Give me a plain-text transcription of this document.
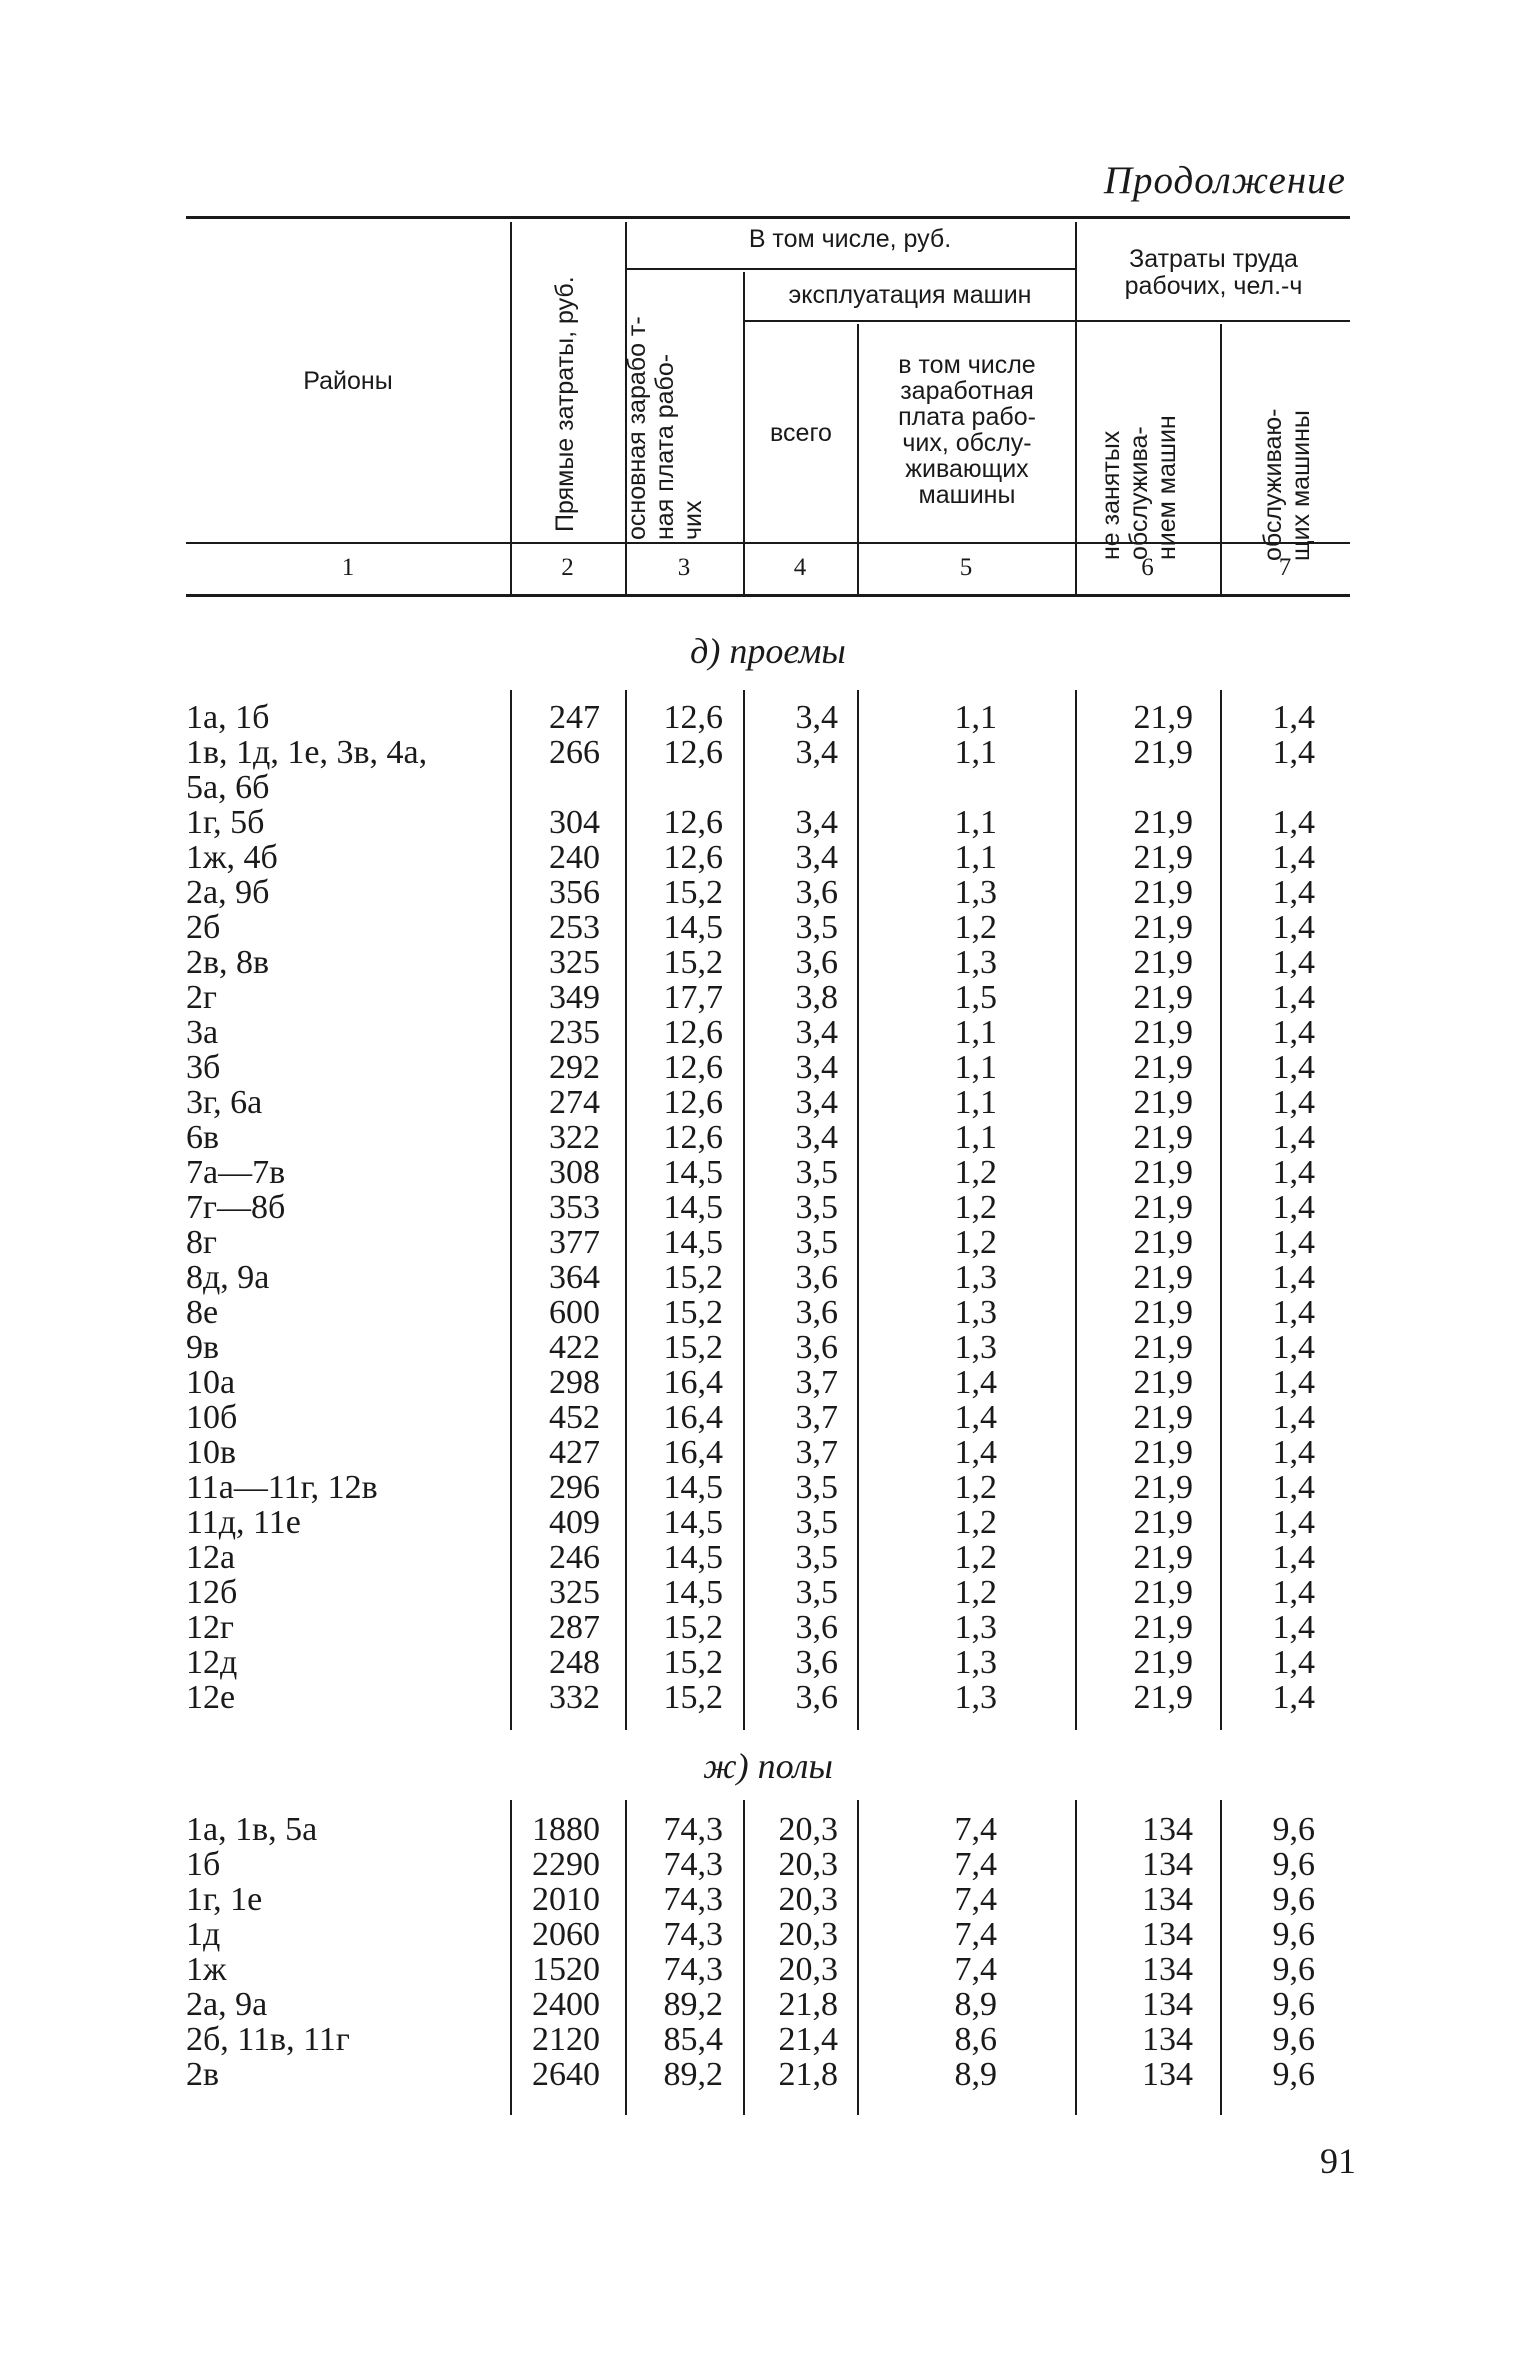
Продолжение
Районы	Прямые затраты, руб.
В том числе, руб.
основная зарабо т- ная плата рабо- чих
эксплуатация машин
всего
в том числе
заработная
плата рабо-
чих, обслу-
живающих
машины
Затраты труда
рабочих, чел.-ч
не занятых обслужива- нием машин	обслуживаю- щих машины
1	2	3	4	5	6	7
д) проемы
ж) полы
1а, 1б	247	12,6	3,4	1,1	21,9	1,4
1в, 1д, 1е, 3в, 4а,	266	12,6	3,4	1,1	21,9	1,4
5а, 6б
1г, 5б	304	12,6	3,4	1,1	21,9	1,4
1ж, 4б	240	12,6	3,4	1,1	21,9	1,4
2а, 9б	356	15,2	3,6	1,3	21,9	1,4
2б	253	14,5	3,5	1,2	21,9	1,4
2в, 8в	325	15,2	3,6	1,3	21,9	1,4
2г	349	17,7	3,8	1,5	21,9	1,4
3а	235	12,6	3,4	1,1	21,9	1,4
3б	292	12,6	3,4	1,1	21,9	1,4
3г, 6а	274	12,6	3,4	1,1	21,9	1,4
6в	322	12,6	3,4	1,1	21,9	1,4
7а—7в	308	14,5	3,5	1,2	21,9	1,4
7г—8б	353	14,5	3,5	1,2	21,9	1,4
8г	377	14,5	3,5	1,2	21,9	1,4
8д, 9а	364	15,2	3,6	1,3	21,9	1,4
8е	600	15,2	3,6	1,3	21,9	1,4
9в	422	15,2	3,6	1,3	21,9	1,4
10а	298	16,4	3,7	1,4	21,9	1,4
10б	452	16,4	3,7	1,4	21,9	1,4
10в	427	16,4	3,7	1,4	21,9	1,4
11а—11г, 12в	296	14,5	3,5	1,2	21,9	1,4
11д, 11е	409	14,5	3,5	1,2	21,9	1,4
12а	246	14,5	3,5	1,2	21,9	1,4
12б	325	14,5	3,5	1,2	21,9	1,4
12г	287	15,2	3,6	1,3	21,9	1,4
12д	248	15,2	3,6	1,3	21,9	1,4
12е	332	15,2	3,6	1,3	21,9	1,4
1а, 1в, 5а	1880	74,3	20,3	7,4	134	9,6
1б	2290	74,3	20,3	7,4	134	9,6
1г, 1е	2010	74,3	20,3	7,4	134	9,6
1д	2060	74,3	20,3	7,4	134	9,6
1ж	1520	74,3	20,3	7,4	134	9,6
2а, 9а	2400	89,2	21,8	8,9	134	9,6
2б, 11в, 11г	2120	85,4	21,4	8,6	134	9,6
2в	2640	89,2	21,8	8,9	134	9,6
91
